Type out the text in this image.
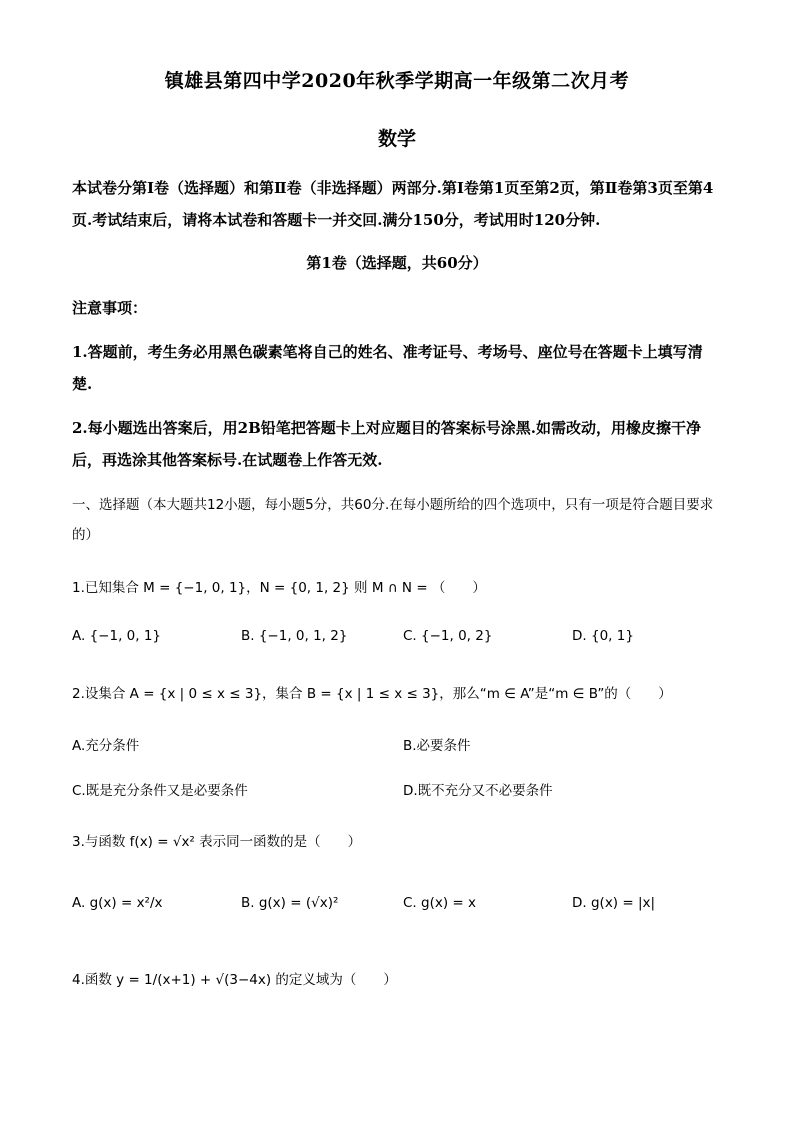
镇雄县第四中学2020年秋季学期高一年级第二次月考
数学
本试卷分第Ⅰ卷（选择题）和第Ⅱ卷（非选择题）两部分.第Ⅰ卷第1页至第2页，第Ⅱ卷第3页至第4页.考试结束后，请将本试卷和答题卡一并交回.满分150分，考试用时120分钟.
第1卷（选择题，共60分）
注意事项：
1.答题前，考生务必用黑色碳素笔将自己的姓名、准考证号、考场号、座位号在答题卡上填写清楚.
2.每小题选出答案后，用2B铅笔把答题卡上对应题目的答案标号涂黑.如需改动，用橡皮擦干净后，再选涂其他答案标号.在试题卷上作答无效.
一、选择题（本大题共12小题，每小题5分，共60分.在每小题所给的四个选项中，只有一项是符合题目要求的）
1.已知集合 M = {−1, 0, 1}，N = {0, 1, 2} 则 M ∩ N = （　　）
A. {−1, 0, 1}	B. {−1, 0, 1, 2}	C. {−1, 0, 2}	D. {0, 1}
2.设集合 A = {x | 0 ≤ x ≤ 3}，集合 B = {x | 1 ≤ x ≤ 3}，那么“m ∈ A”是“m ∈ B”的（　　）
A.充分条件	B.必要条件
C.既是充分条件又是必要条件	D.既不充分又不必要条件
3.与函数 f(x) = √x² 表示同一函数的是（　　）
A. g(x) = x²/x	B. g(x) = (√x)²	C. g(x) = x	D. g(x) = |x|
4.函数 y = 1/(x+1) + √(3−4x) 的定义域为（　　）
